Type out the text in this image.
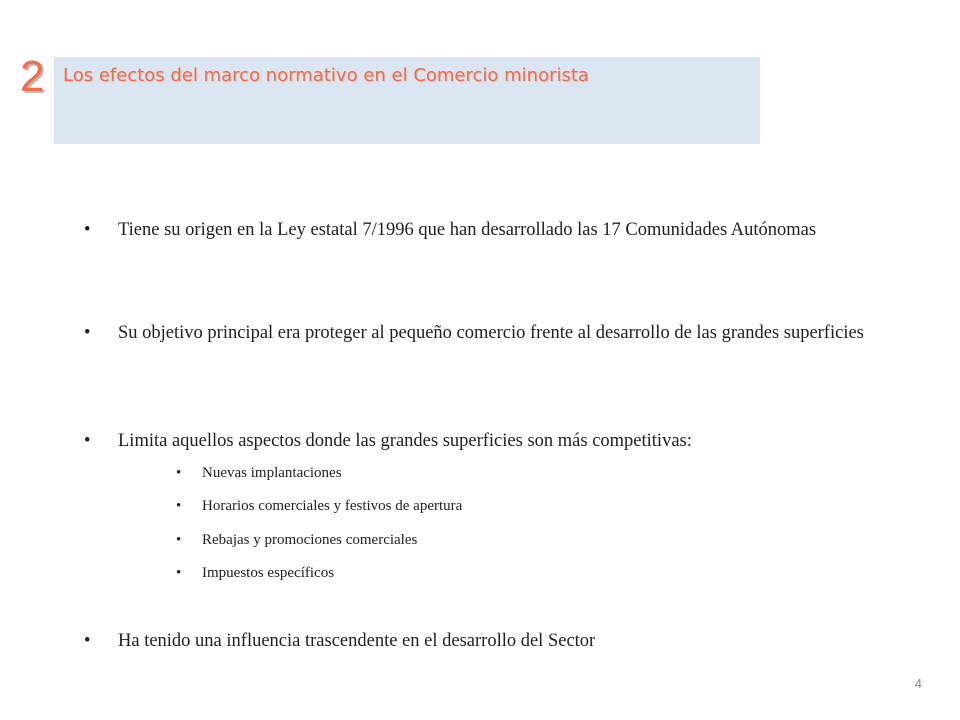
2 Los efectos del marco normativo en el Comercio minorista
• Tiene su origen en la Ley estatal 7/1996 que han desarrollado las 17 Comunidades Autónomas
• Su objetivo principal era proteger al pequeño comercio frente al desarrollo de las grandes superficies
• Limita aquellos aspectos donde las grandes superficies son más competitivas:
• Nuevas implantaciones
• Horarios comerciales y festivos de apertura
• Rebajas y promociones comerciales
• Impuestos específicos
• Ha tenido una influencia trascendente en el desarrollo del Sector
4
